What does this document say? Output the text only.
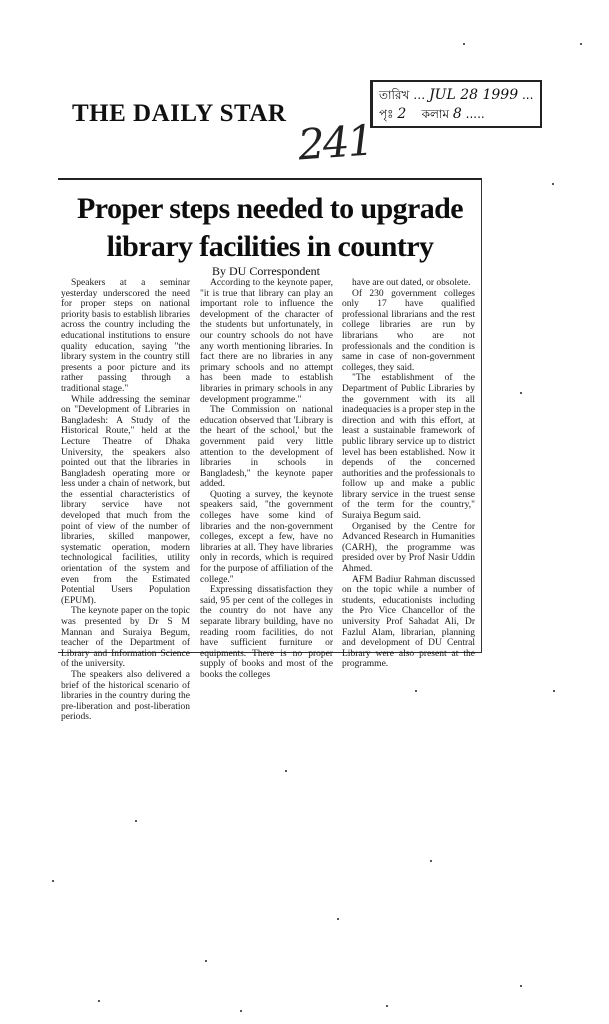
THE DAILY STAR
241
তারিখ … JUL 28 1999 ...
পৃঃ 2 কলাম 8 .....
Proper steps needed to upgrade library facilities in country
By DU Correspondent

Speakers at a seminar yesterday underscored the need for proper steps on national priority basis to establish libraries across the country including the educational institutions to ensure quality education, saying "the library system in the country still presents a poor picture and its rather passing through a traditional stage."

While addressing the seminar on "Development of Libraries in Bangladesh: A Study of the Historical Route," held at the Lecture Theatre of Dhaka University, the speakers also pointed out that the libraries in Bangladesh operating more or less under a chain of network, but the essential characteristics of library service have not developed that much from the point of view of the number of libraries, skilled manpower, systematic operation, modern technological facilities, utility orientation of the system and even from the Estimated Potential Users Population (EPUM).

The keynote paper on the topic was presented by Dr S M Mannan and Suraiya Begum, teacher of the Department of Library and Information Science of the university.

The speakers also delivered a brief of the historical scenario of libraries in the country during the pre-liberation and post-liberation periods.

According to the keynote paper, "it is true that library can play an important role to influence the development of the character of the students but unfortunately, in our country schools do not have any worth mentioning libraries. In fact there are no libraries in any primary schools and no attempt has been made to establish libraries in primary schools in any development programme."

The Commission on national education observed that 'Library is the heart of the school,' but the government paid very little attention to the development of libraries in schools in Bangladesh," the keynote paper added.

Quoting a survey, the keynote speakers said, "the government colleges have some kind of libraries and the non-government colleges, except a few, have no libraries at all. They have libraries only in records, which is required for the purpose of affiliation of the college."

Expressing dissatisfaction they said, 95 per cent of the colleges in the country do not have any separate library building, have no reading room facilities, do not have sufficient furniture or equipments. There is no proper supply of books and most of the books the colleges

have are out dated, or obsolete.

Of 230 government colleges only 17 have qualified professional librarians and the rest college libraries are run by librarians who are not professionals and the condition is same in case of non-government colleges, they said.

"The establishment of the Department of Public Libraries by the government with its all inadequacies is a proper step in the direction and with this effort, at least a sustainable framework of public library service up to district level has been established. Now it depends of the concerned authorities and the professionals to follow up and make a public library service in the truest sense of the term for the country," Suraiya Begum said.

Organised by the Centre for Advanced Research in Humanities (CARH), the programme was presided over by Prof Nasir Uddin Ahmed.

AFM Badiur Rahman discussed on the topic while a number of students, educationists including the Pro Vice Chancellor of the university Prof Sahadat Ali, Dr Fazlul Alam, librarian, planning and development of DU Central Library were also present at the programme.
